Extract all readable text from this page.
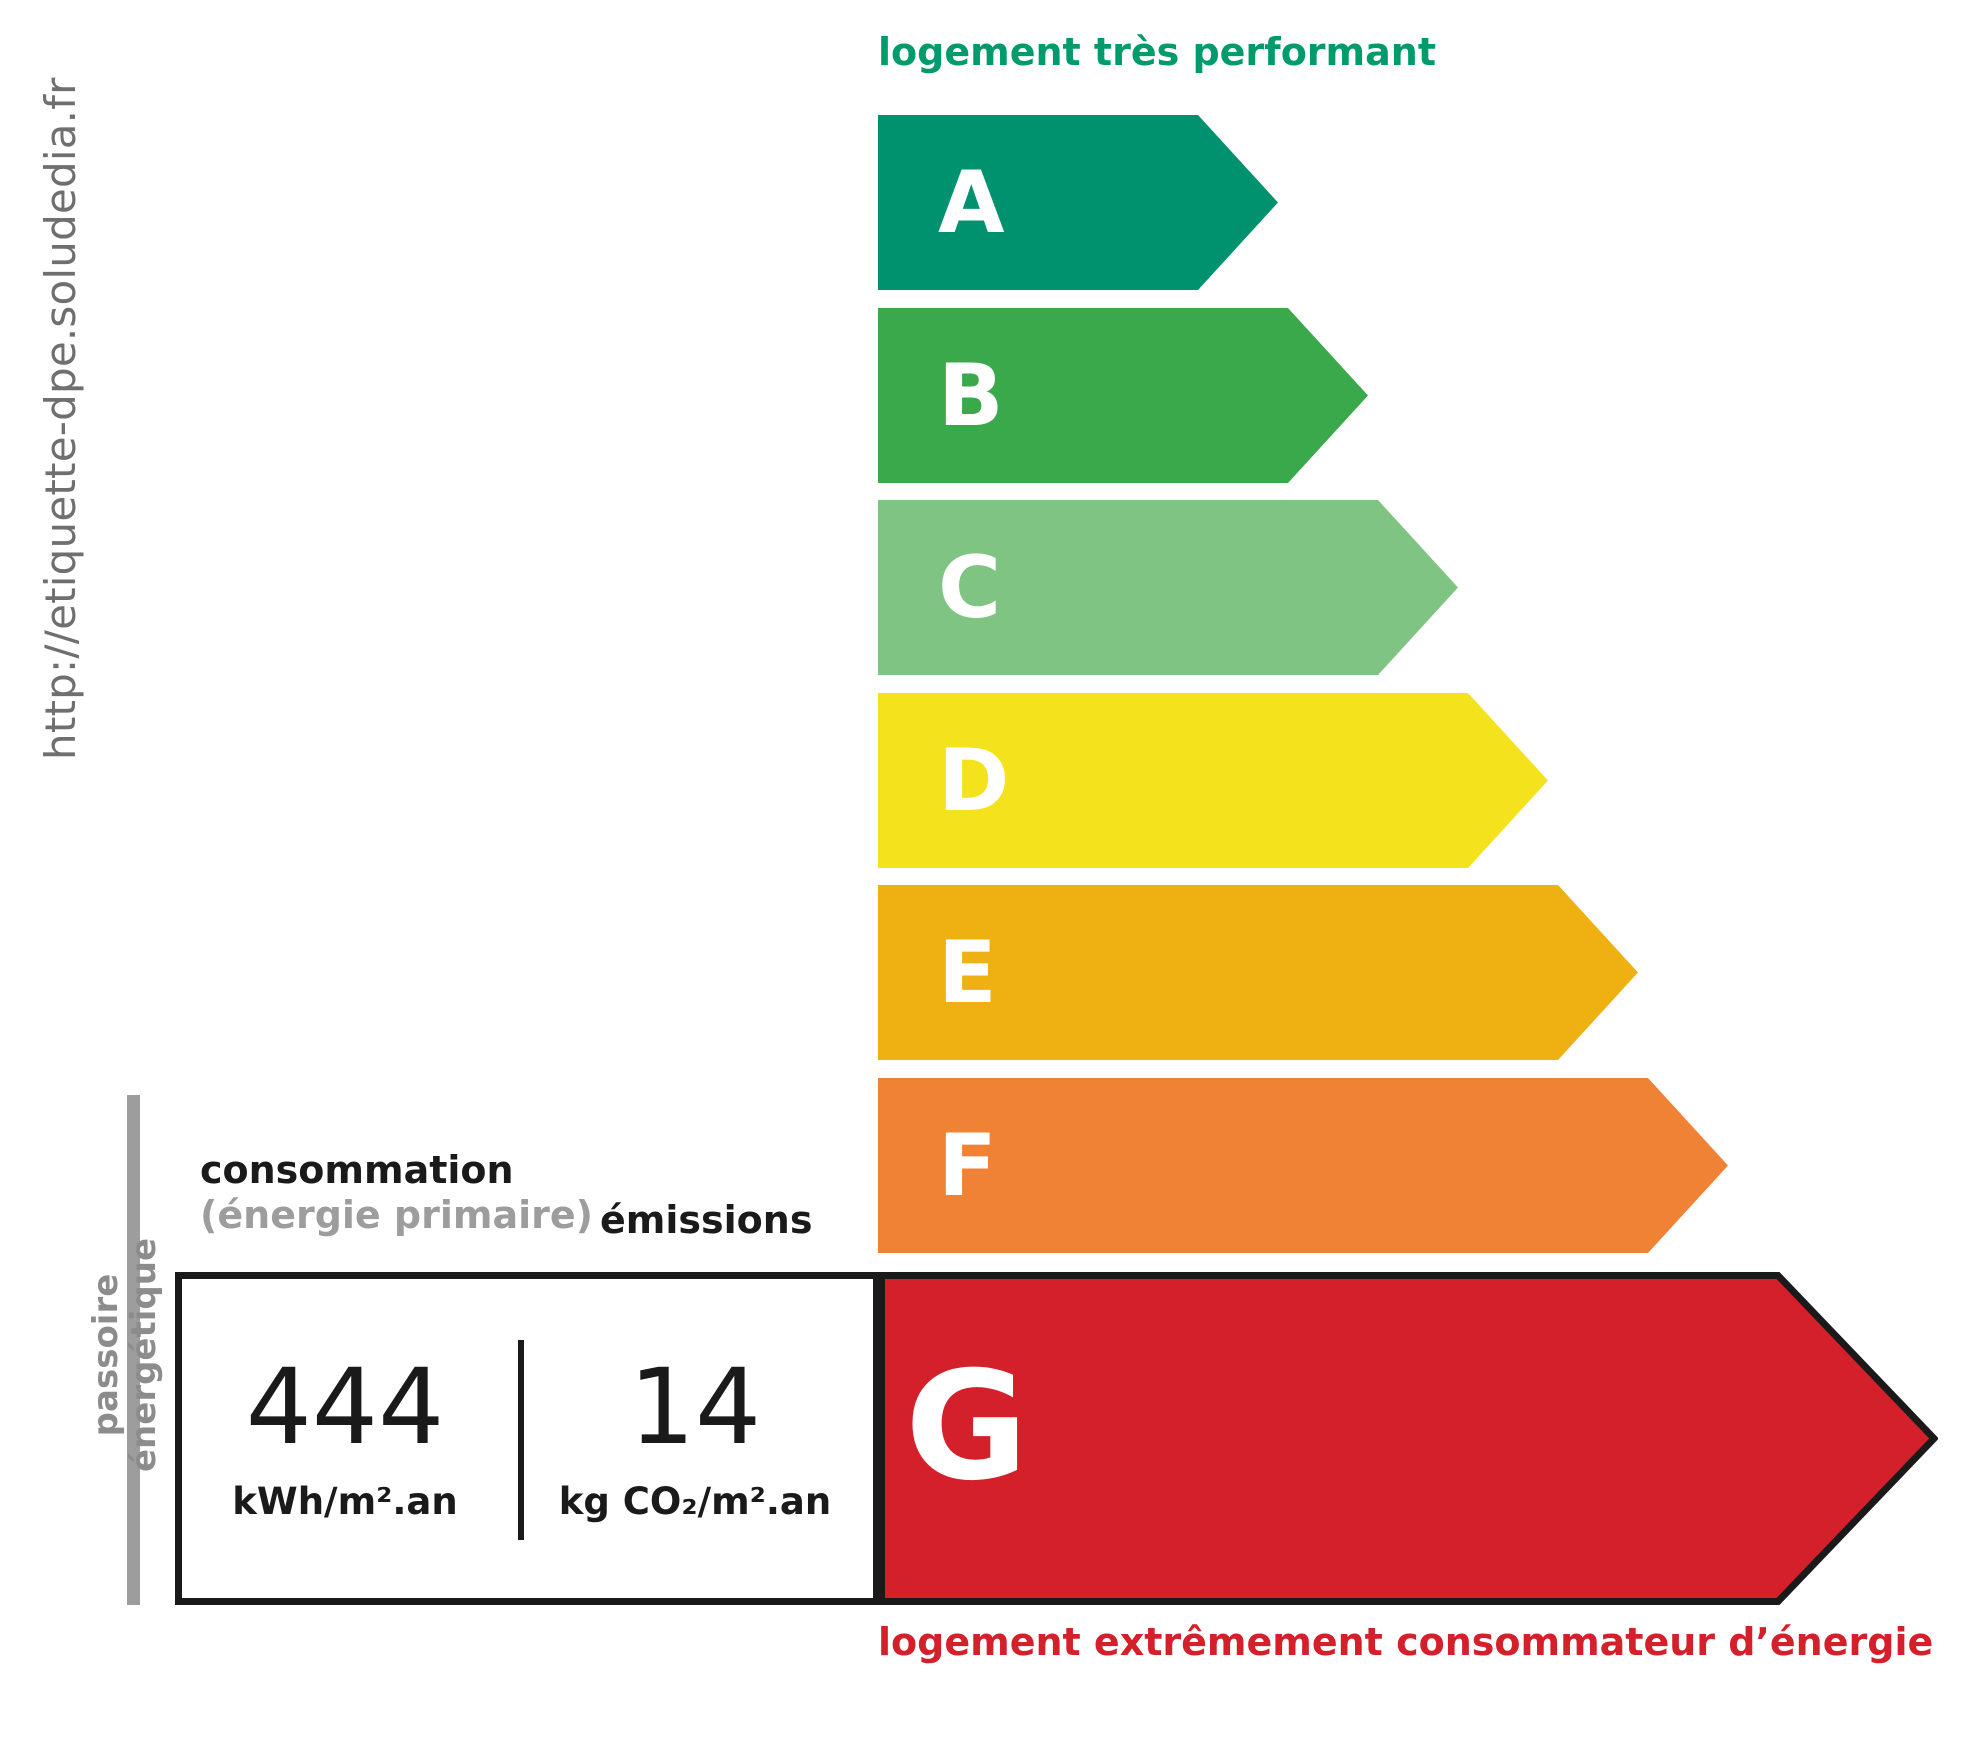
http://etiquette-dpe.soludedia.fr
passoire
énergétique
logement très performant
logement extrêmement consommateur d’énergie
A
B
C
D
E
F
G
consommation
(énergie primaire) émissions
444
kWh/m².an
14
kg CO₂/m².an
